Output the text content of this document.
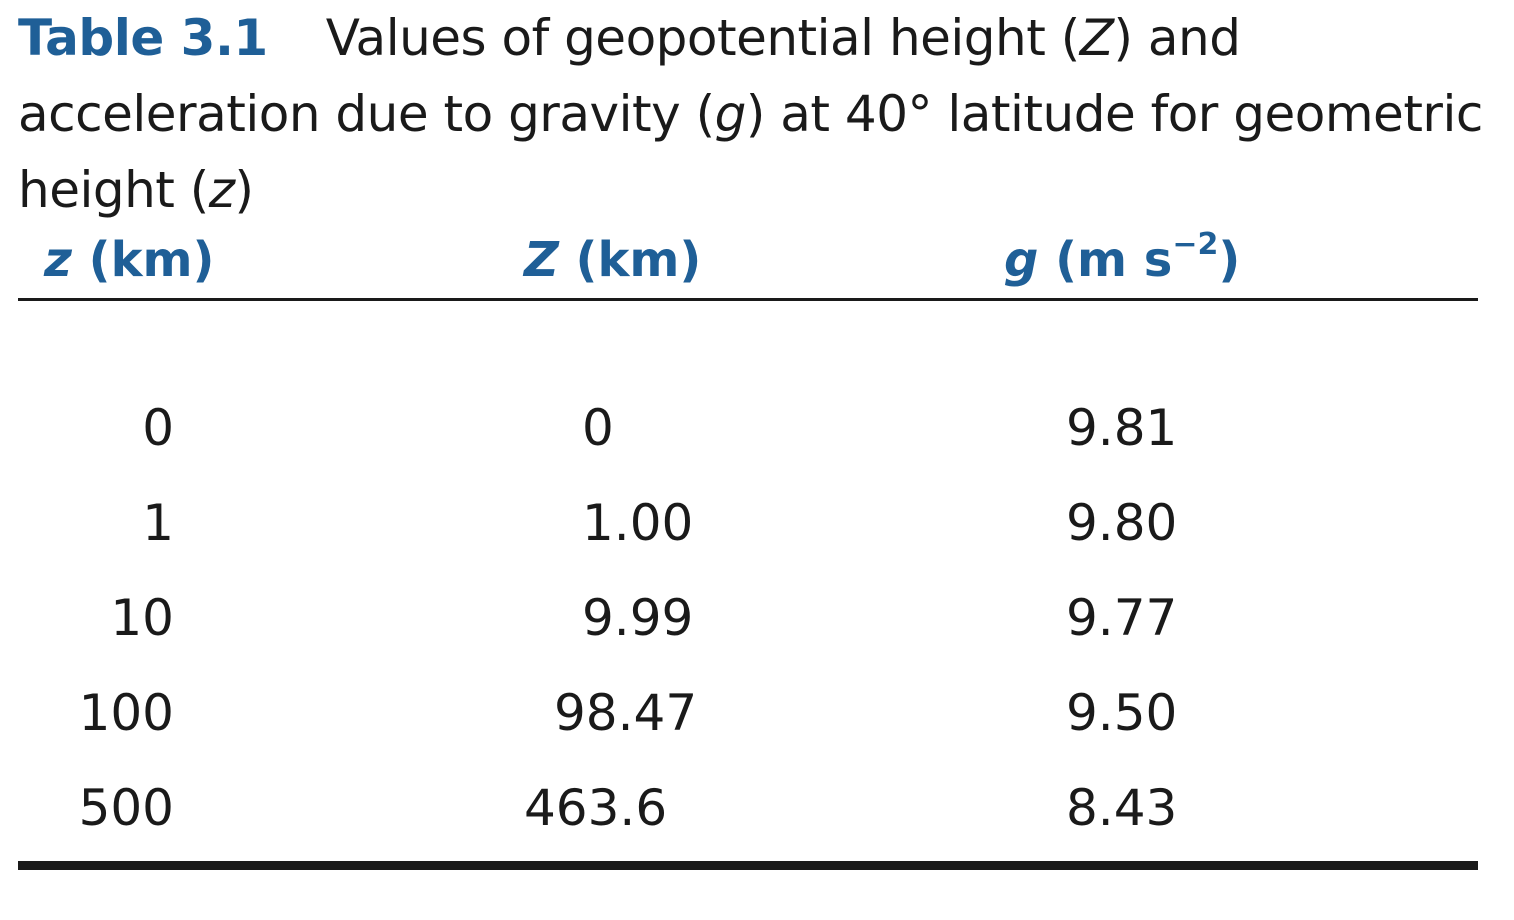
Table 3.1 Values of geopotential height (Z) and acceleration due to gravity (g) at 40° latitude for geometric height (z)
z (km)	Z (km)	g (m $s^{-2}$)
0	0	9.81
1	1.00	9.80
10	9.99	9.77
100	98.47	9.50
500	463.6	8.43
